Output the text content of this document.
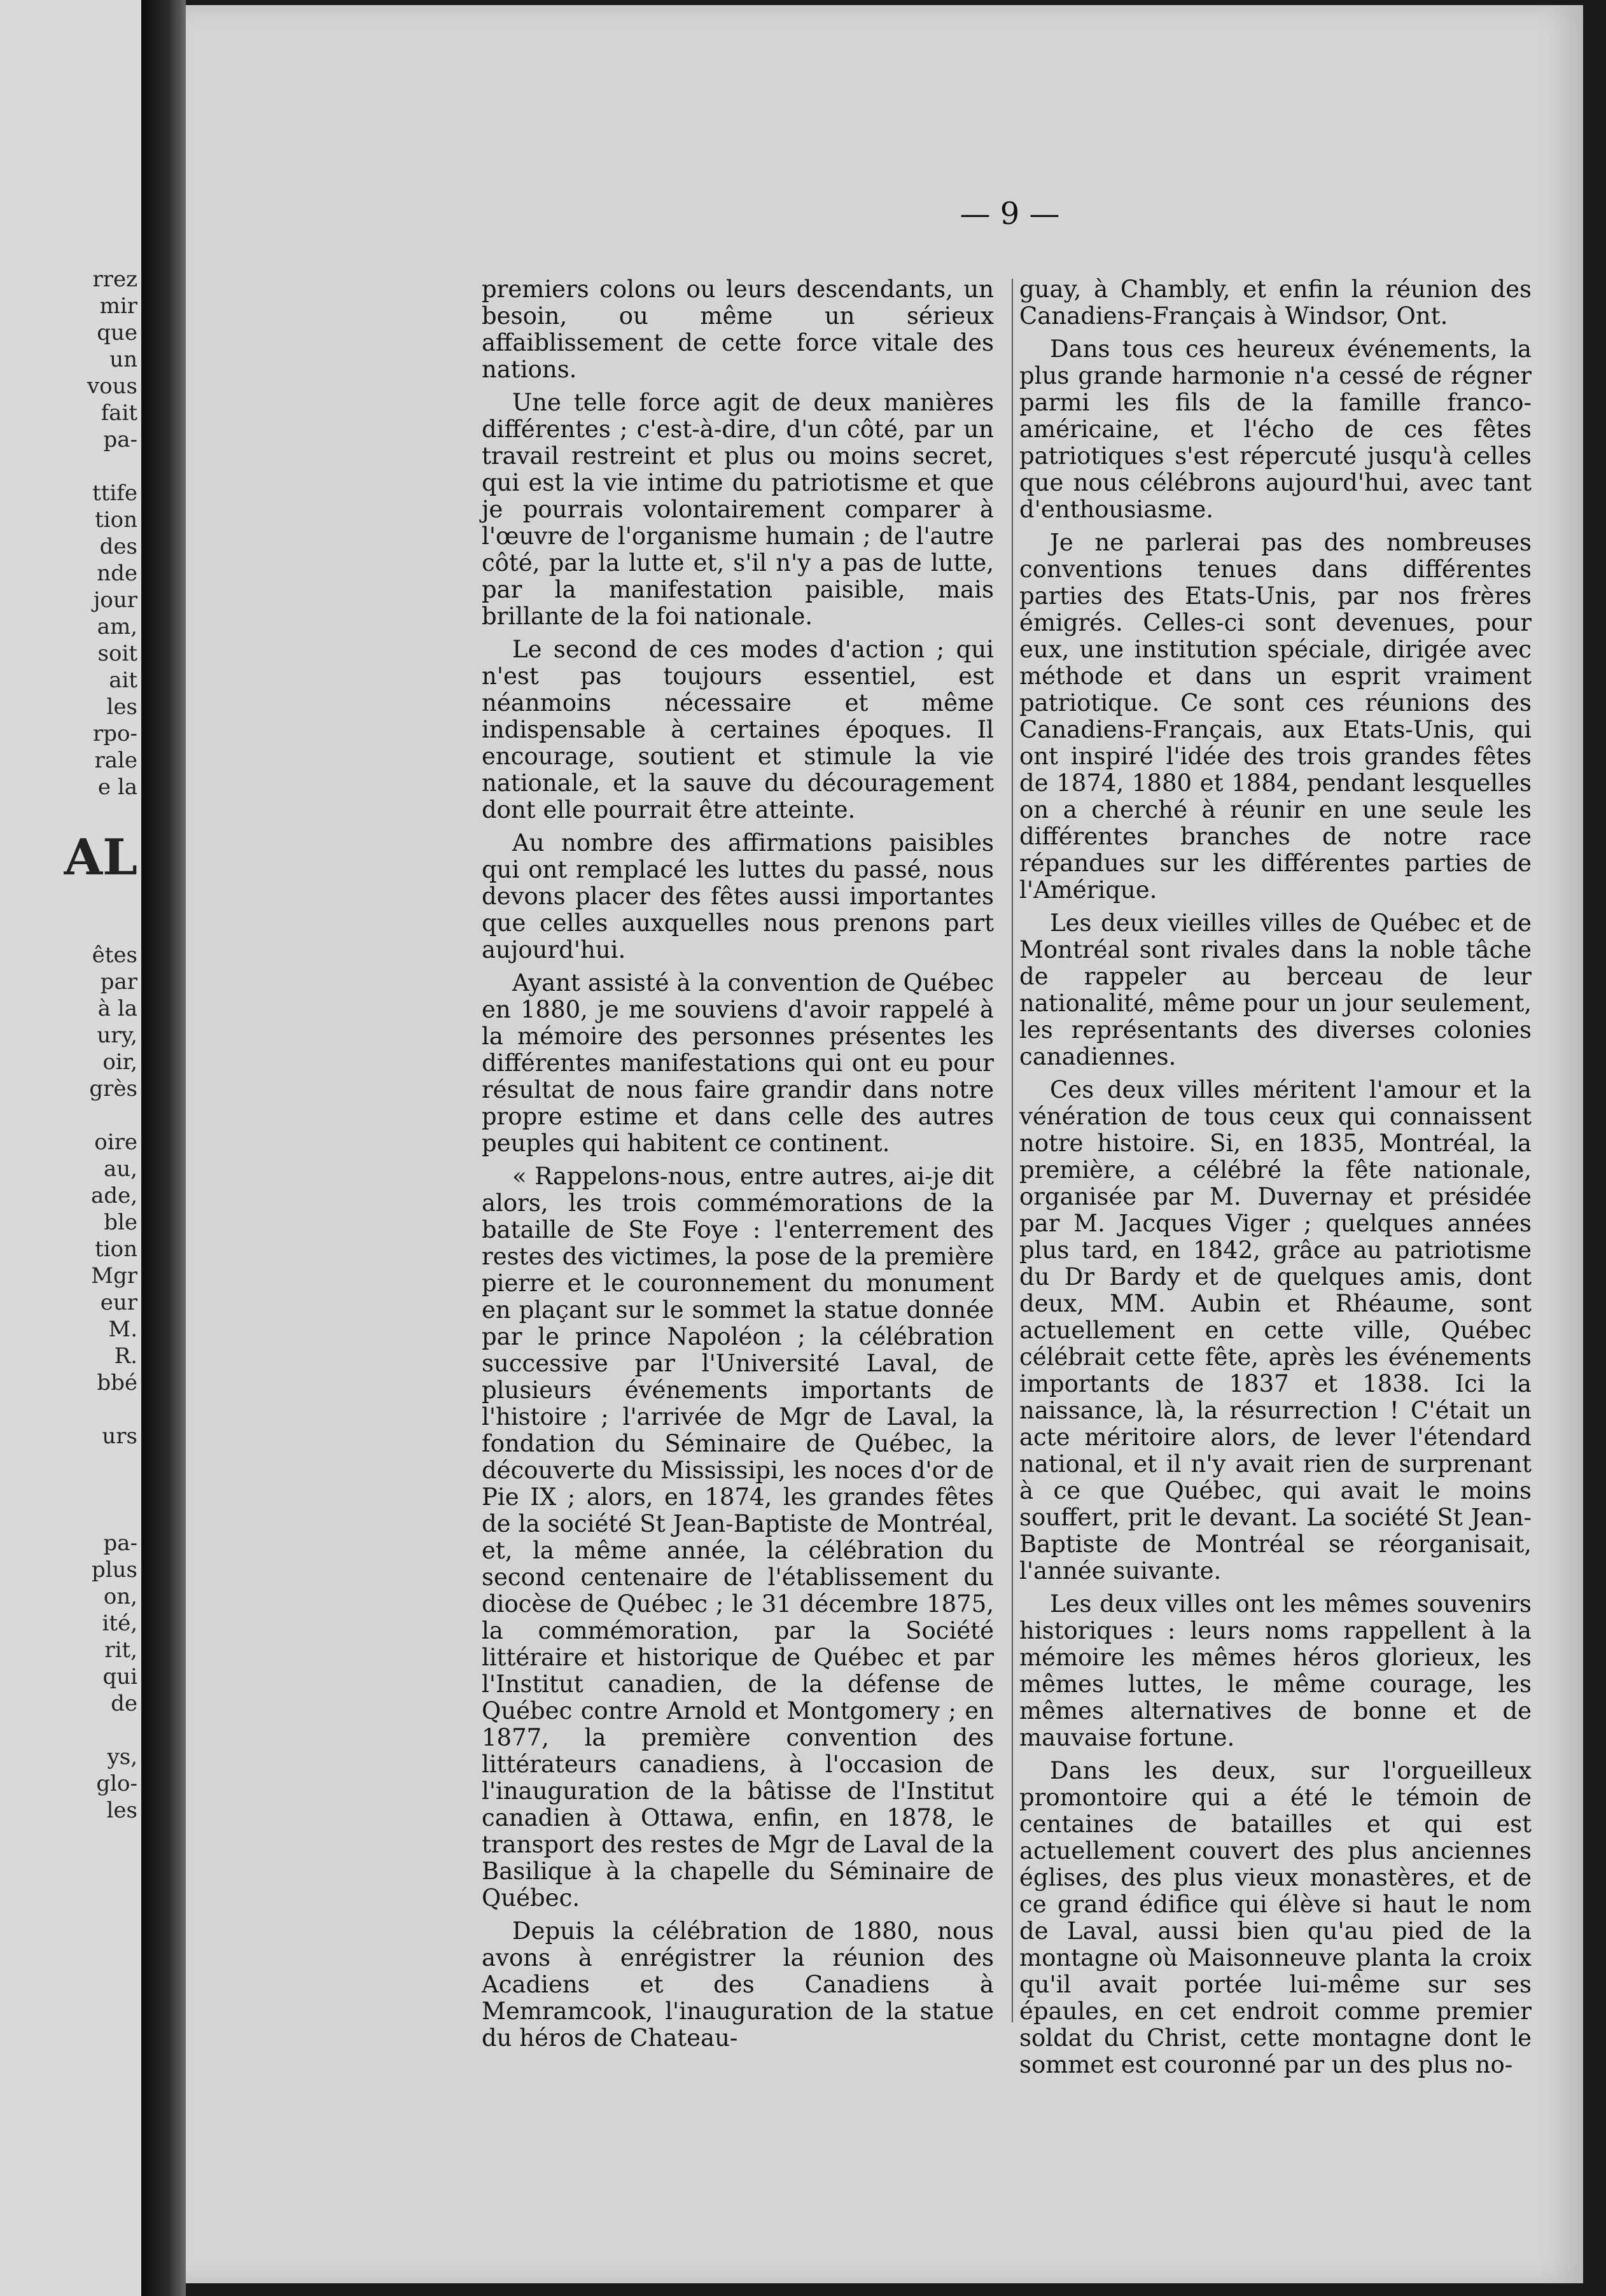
rrez
mir
que
un
vous
fait
pa-
ttife
tion
des
nde
jour
am,
soit
ait
les
rpo-
rale
e la
AL
êtes
par
à la
ury,
oir,
grès
oire
au,
ade,
ble
tion
Mgr
eur
M.
R.
bbé
urs
pa-
plus
on,
ité,
rit,
qui
de
ys,
glo-
les
— 9 —

premiers colons ou leurs descendants, un besoin, ou même un sérieux affaiblissement de cette force vitale des nations.

Une telle force agit de deux manières différentes ; c'est-à-dire, d'un côté, par un travail restreint et plus ou moins secret, qui est la vie intime du patriotisme et que je pourrais volontairement comparer à l'œuvre de l'organisme humain ; de l'autre côté, par la lutte et, s'il n'y a pas de lutte, par la manifestation paisible, mais brillante de la foi nationale.

Le second de ces modes d'action ; qui n'est pas toujours essentiel, est néanmoins nécessaire et même indispensable à certaines époques. Il encourage, soutient et stimule la vie nationale, et la sauve du découragement dont elle pourrait être atteinte.

Au nombre des affirmations paisibles qui ont remplacé les luttes du passé, nous devons placer des fêtes aussi importantes que celles auxquelles nous prenons part aujourd'hui.

Ayant assisté à la convention de Québec en 1880, je me souviens d'avoir rappelé à la mémoire des personnes présentes les différentes manifestations qui ont eu pour résultat de nous faire grandir dans notre propre estime et dans celle des autres peuples qui habitent ce continent.

« Rappelons-nous, entre autres, ai-je dit alors, les trois commémorations de la bataille de Ste Foye : l'enterrement des restes des victimes, la pose de la première pierre et le couronnement du monument en plaçant sur le sommet la statue donnée par le prince Napoléon ; la célébration successive par l'Université Laval, de plusieurs événements importants de l'histoire ; l'arrivée de Mgr de Laval, la fondation du Séminaire de Québec, la découverte du Mississipi, les noces d'or de Pie IX ; alors, en 1874, les grandes fêtes de la société St Jean-Baptiste de Montréal, et, la même année, la célébration du second centenaire de l'établissement du diocèse de Québec ; le 31 décembre 1875, la commémoration, par la Société littéraire et historique de Québec et par l'Institut canadien, de la défense de Québec contre Arnold et Montgomery ; en 1877, la première convention des littérateurs canadiens, à l'occasion de l'inauguration de la bâtisse de l'Institut canadien à Ottawa, enfin, en 1878, le transport des restes de Mgr de Laval de la Basilique à la chapelle du Séminaire de Québec.

Depuis la célébration de 1880, nous avons à enrégistrer la réunion des Acadiens et des Canadiens à Memramcook, l'inauguration de la statue du héros de Chateau-

guay, à Chambly, et enfin la réunion des Canadiens-Français à Windsor, Ont.

Dans tous ces heureux événements, la plus grande harmonie n'a cessé de régner parmi les fils de la famille franco-américaine, et l'écho de ces fêtes patriotiques s'est répercuté jusqu'à celles que nous célébrons aujourd'hui, avec tant d'enthousiasme.

Je ne parlerai pas des nombreuses conventions tenues dans différentes parties des Etats-Unis, par nos frères émigrés. Celles-ci sont devenues, pour eux, une institution spéciale, dirigée avec méthode et dans un esprit vraiment patriotique. Ce sont ces réunions des Canadiens-Français, aux Etats-Unis, qui ont inspiré l'idée des trois grandes fêtes de 1874, 1880 et 1884, pendant lesquelles on a cherché à réunir en une seule les différentes branches de notre race répandues sur les différentes parties de l'Amérique.

Les deux vieilles villes de Québec et de Montréal sont rivales dans la noble tâche de rappeler au berceau de leur nationalité, même pour un jour seulement, les représentants des diverses colonies canadiennes.

Ces deux villes méritent l'amour et la vénération de tous ceux qui connaissent notre histoire. Si, en 1835, Montréal, la première, a célébré la fête nationale, organisée par M. Duvernay et présidée par M. Jacques Viger ; quelques années plus tard, en 1842, grâce au patriotisme du Dr Bardy et de quelques amis, dont deux, MM. Aubin et Rhéaume, sont actuellement en cette ville, Québec célébrait cette fête, après les événements importants de 1837 et 1838. Ici la naissance, là, la résurrection ! C'était un acte méritoire alors, de lever l'étendard national, et il n'y avait rien de surprenant à ce que Québec, qui avait le moins souffert, prit le devant. La société St Jean-Baptiste de Montréal se réorganisait, l'année suivante.

Les deux villes ont les mêmes souvenirs historiques : leurs noms rappellent à la mémoire les mêmes héros glorieux, les mêmes luttes, le même courage, les mêmes alternatives de bonne et de mauvaise fortune.

Dans les deux, sur l'orgueilleux promontoire qui a été le témoin de centaines de batailles et qui est actuellement couvert des plus anciennes églises, des plus vieux monastères, et de ce grand édifice qui élève si haut le nom de Laval, aussi bien qu'au pied de la montagne où Maisonneuve planta la croix qu'il avait portée lui-même sur ses épaules, en cet endroit comme premier soldat du Christ, cette montagne dont le sommet est couronné par un des plus no-
